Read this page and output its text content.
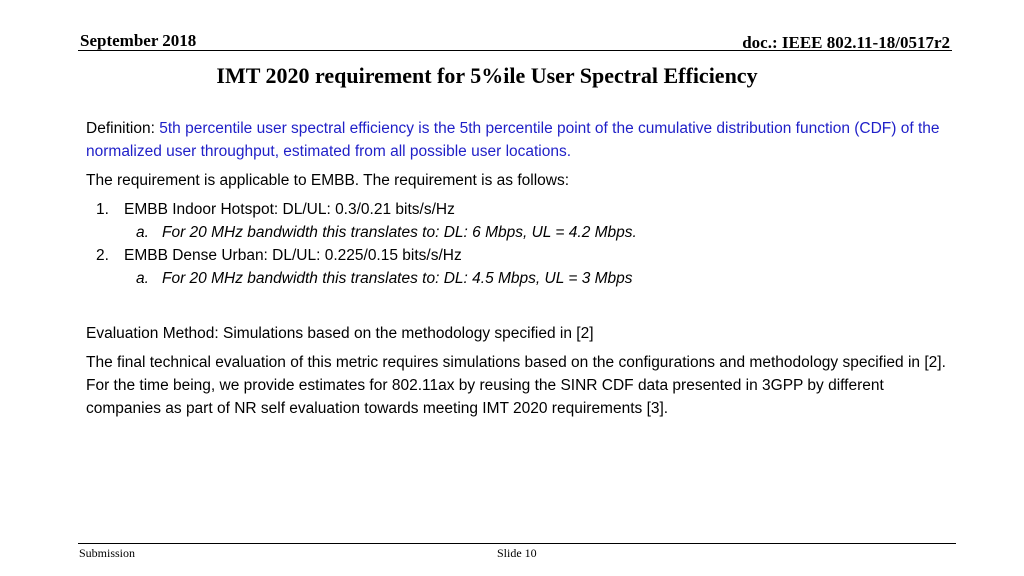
September 2018	doc.: IEEE 802.11-18/0517r2
IMT 2020 requirement for 5%ile User Spectral Efficiency

Definition: 5th percentile user spectral efficiency is the 5th percentile point of the cumulative distribution function (CDF) of the normalized user throughput, estimated from all possible user locations.

The requirement is applicable to EMBB. The requirement is as follows:

1. EMBB Indoor Hotspot: DL/UL: 0.3/0.21 bits/s/Hz
a. For 20 MHz bandwidth this translates to: DL: 6 Mbps, UL = 4.2 Mbps.
2. EMBB Dense Urban: DL/UL: 0.225/0.15 bits/s/Hz
a. For 20 MHz bandwidth this translates to: DL: 4.5 Mbps, UL = 3 Mbps

Evaluation Method: Simulations based on the methodology specified in [2]

The final technical evaluation of this metric requires simulations based on the configurations and methodology specified in [2]. For the time being, we provide estimates for 802.11ax by reusing the SINR CDF data presented in 3GPP by different companies as part of NR self evaluation towards meeting IMT 2020 requirements [3].

Submission	Slide 10
